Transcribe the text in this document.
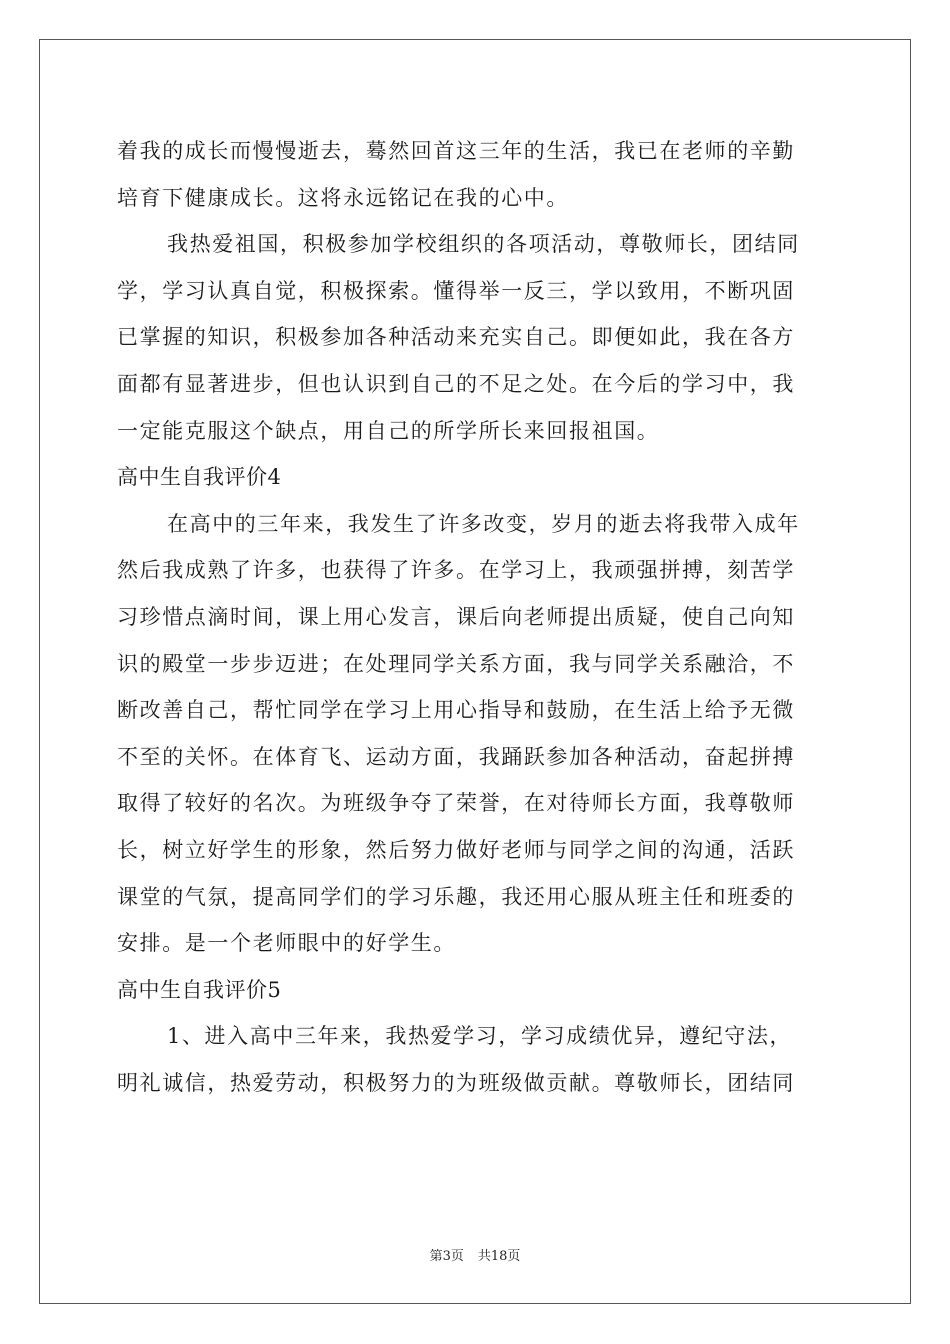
着我的成长而慢慢逝去，蓦然回首这三年的生活，我已在老师的辛勤
培育下健康成长。这将永远铭记在我的心中。
我热爱祖国，积极参加学校组织的各项活动，尊敬师长，团结同
学，学习认真自觉，积极探索。懂得举一反三，学以致用，不断巩固
已掌握的知识，积极参加各种活动来充实自己。即便如此，我在各方
面都有显著进步，但也认识到自己的不足之处。在今后的学习中，我
一定能克服这个缺点，用自己的所学所长来回报祖国。
高中生自我评价4
在高中的三年来，我发生了许多改变，岁月的逝去将我带入成年
然后我成熟了许多，也获得了许多。在学习上，我顽强拼搏，刻苦学
习珍惜点滴时间，课上用心发言，课后向老师提出质疑，使自己向知
识的殿堂一步步迈进；在处理同学关系方面，我与同学关系融洽，不
断改善自己，帮忙同学在学习上用心指导和鼓励，在生活上给予无微
不至的关怀。在体育飞、运动方面，我踊跃参加各种活动，奋起拼搏
取得了较好的名次。为班级争夺了荣誉，在对待师长方面，我尊敬师
长，树立好学生的形象，然后努力做好老师与同学之间的沟通，活跃
课堂的气氛，提高同学们的学习乐趣，我还用心服从班主任和班委的
安排。是一个老师眼中的好学生。
高中生自我评价5
1、进入高中三年来，我热爱学习，学习成绩优异，遵纪守法，
明礼诚信，热爱劳动，积极努力的为班级做贡献。尊敬师长，团结同
第3页 共18页
